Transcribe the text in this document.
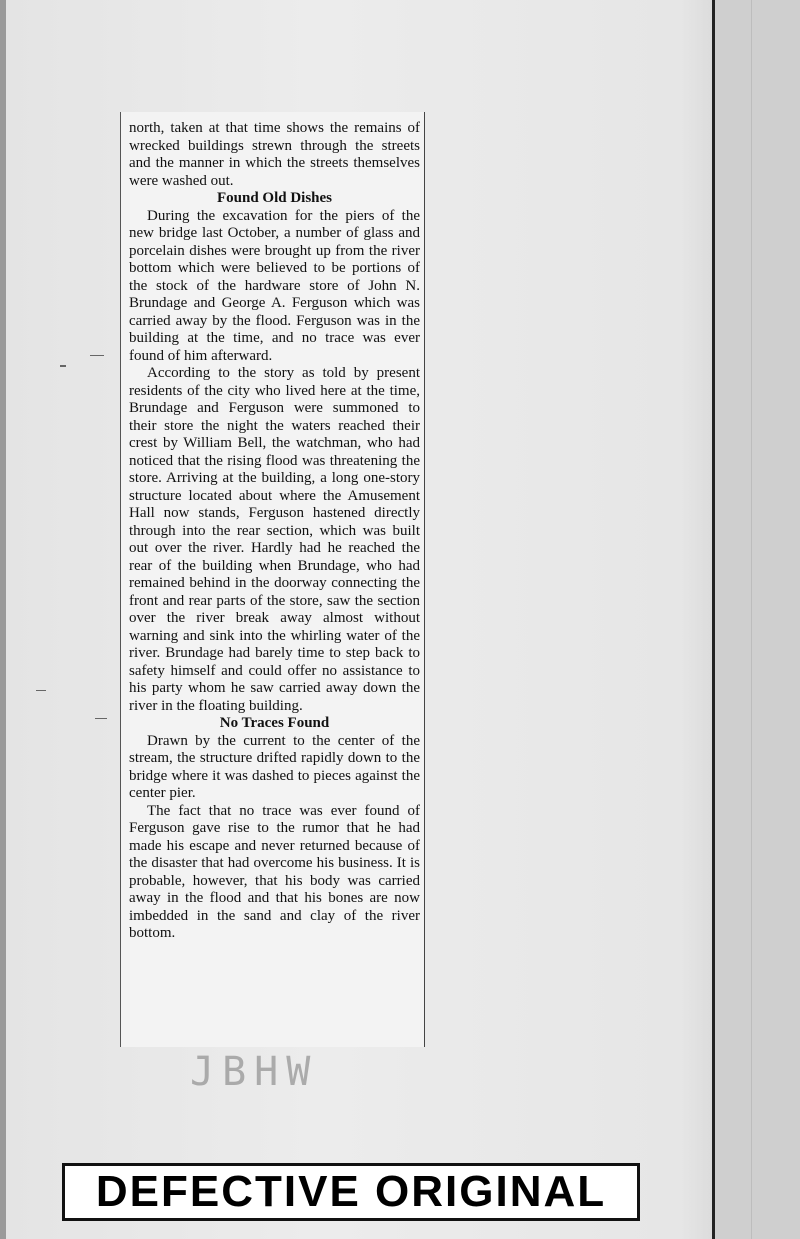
north, taken at that time shows the remains of wrecked buildings strewn through the streets and the manner in which the streets themselves were washed out.

Found Old Dishes

During the excavation for the piers of the new bridge last October, a number of glass and porcelain dishes were brought up from the river bottom which were believed to be portions of the stock of the hardware store of John N. Brundage and George A. Ferguson which was carried away by the flood. Ferguson was in the building at the time, and no trace was ever found of him afterward.

According to the story as told by present residents of the city who lived here at the time, Brundage and Ferguson were summoned to their store the night the waters reached their crest by William Bell, the watchman, who had noticed that the rising flood was threatening the store. Arriving at the building, a long one-story structure located about where the Amusement Hall now stands, Ferguson hastened directly through into the rear section, which was built out over the river. Hardly had he reached the rear of the building when Brundage, who had remained behind in the doorway connecting the front and rear parts of the store, saw the section over the river break away almost without warning and sink into the whirling water of the river. Brundage had barely time to step back to safety himself and could offer no assistance to his party whom he saw carried away down the river in the floating building.

No Traces Found

Drawn by the current to the center of the stream, the structure drifted rapidly down to the bridge where it was dashed to pieces against the center pier.

The fact that no trace was ever found of Ferguson gave rise to the rumor that he had made his escape and never returned because of the disaster that had overcome his business. It is probable, however, that his body was carried away in the flood and that his bones are now imbedded in the sand and clay of the river bottom.

JBHW
DEFECTIVE ORIGINAL
